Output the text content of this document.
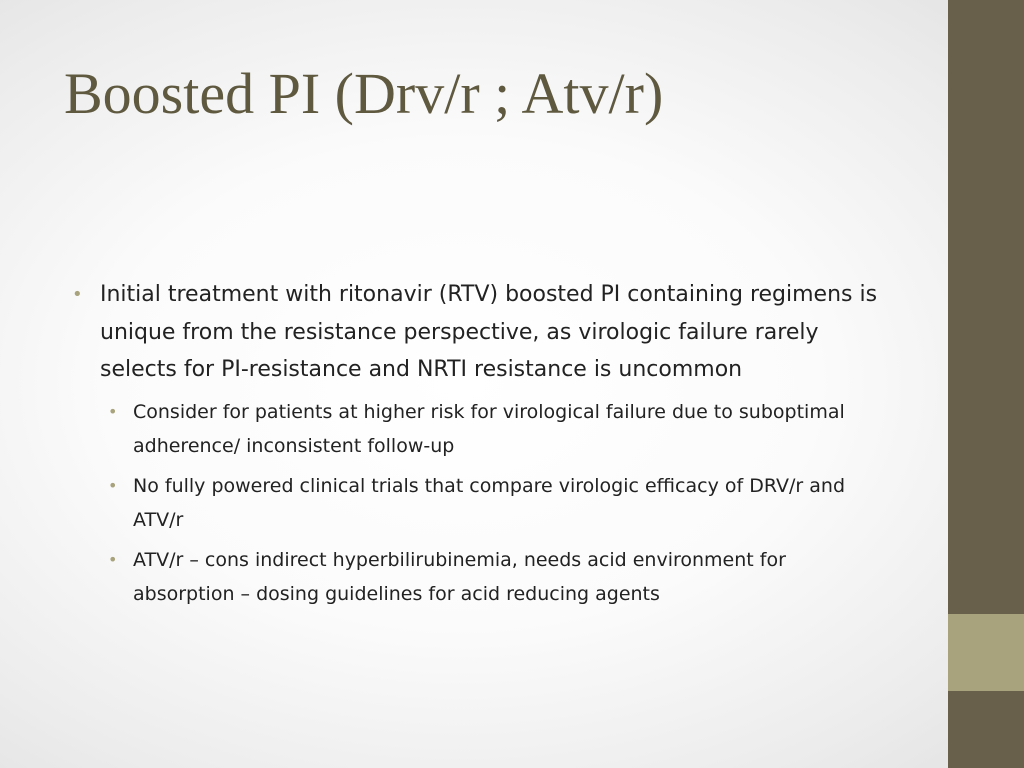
Boosted PI (Drv/r ; Atv/r)
• Initial treatment with ritonavir (RTV) boosted PI containing regimens is unique from the resistance perspective, as virologic failure rarely selects for PI-resistance and NRTI resistance is uncommon
• Consider for patients at higher risk for virological failure due to suboptimal adherence/ inconsistent follow-up
• No fully powered clinical trials that compare virologic efficacy of DRV/r and ATV/r
• ATV/r – cons indirect hyperbilirubinemia, needs acid environment for absorption – dosing guidelines for acid reducing agents
